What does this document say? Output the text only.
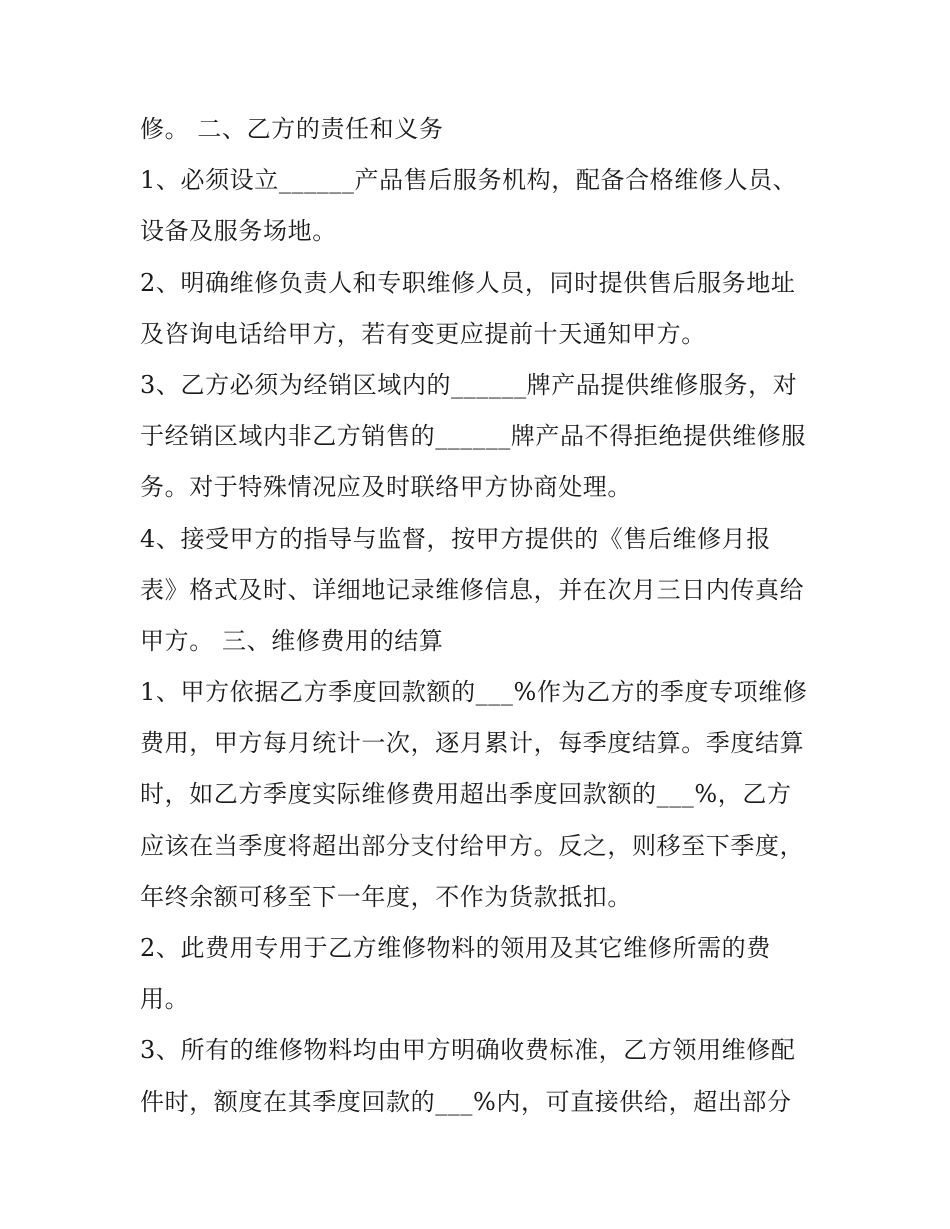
修。 二、乙方的责任和义务
1、必须设立______产品售后服务机构，配备合格维修人员、
设备及服务场地。
2、明确维修负责人和专职维修人员，同时提供售后服务地址
及咨询电话给甲方，若有变更应提前十天通知甲方。
3、乙方必须为经销区域内的______牌产品提供维修服务，对
于经销区域内非乙方销售的______牌产品不得拒绝提供维修服
务。对于特殊情况应及时联络甲方协商处理。
4、接受甲方的指导与监督，按甲方提供的《售后维修月报
表》格式及时、详细地记录维修信息，并在次月三日内传真给
甲方。 三、维修费用的结算
1、甲方依据乙方季度回款额的___%作为乙方的季度专项维修
费用，甲方每月统计一次，逐月累计，每季度结算。季度结算
时，如乙方季度实际维修费用超出季度回款额的___%，乙方
应该在当季度将超出部分支付给甲方。反之，则移至下季度，
年终余额可移至下一年度，不作为货款抵扣。
2、此费用专用于乙方维修物料的领用及其它维修所需的费
用。
3、所有的维修物料均由甲方明确收费标准，乙方领用维修配
件时，额度在其季度回款的___%内，可直接供给，超出部分
